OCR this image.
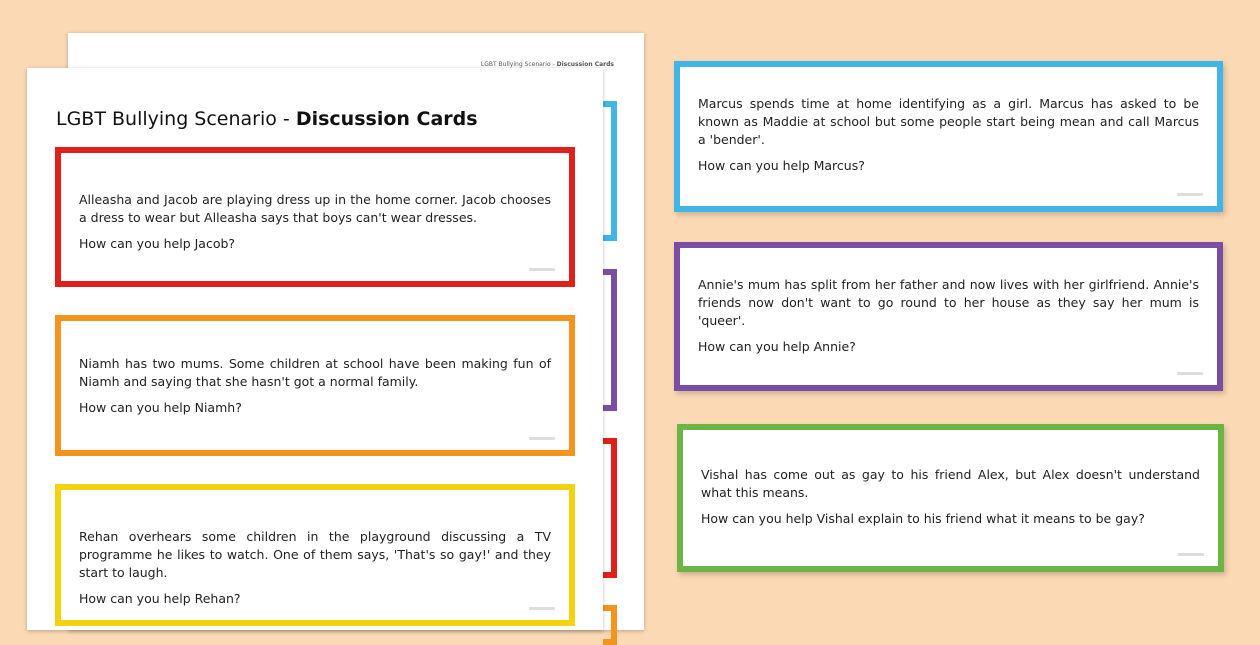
LGBT Bullying Scenario - Discussion Cards
LGBT Bullying Scenario - Discussion Cards

Alleasha and Jacob are playing dress up in the home corner. Jacob chooses a dress to wear but Alleasha says that boys can't wear dresses.

How can you help Jacob?

Niamh has two mums. Some children at school have been making fun of Niamh and saying that she hasn't got a normal family.

How can you help Niamh?

Rehan overhears some children in the playground discussing a TV programme he likes to watch. One of them says, 'That's so gay!' and they start to laugh.

How can you help Rehan?

Marcus spends time at home identifying as a girl. Marcus has asked to be known as Maddie at school but some people start being mean and call Marcus a 'bender'.

How can you help Marcus?

Annie's mum has split from her father and now lives with her girlfriend. Annie's friends now don't want to go round to her house as they say her mum is 'queer'.

How can you help Annie?

Vishal has come out as gay to his friend Alex, but Alex doesn't understand what this means.

How can you help Vishal explain to his friend what it means to be gay?
